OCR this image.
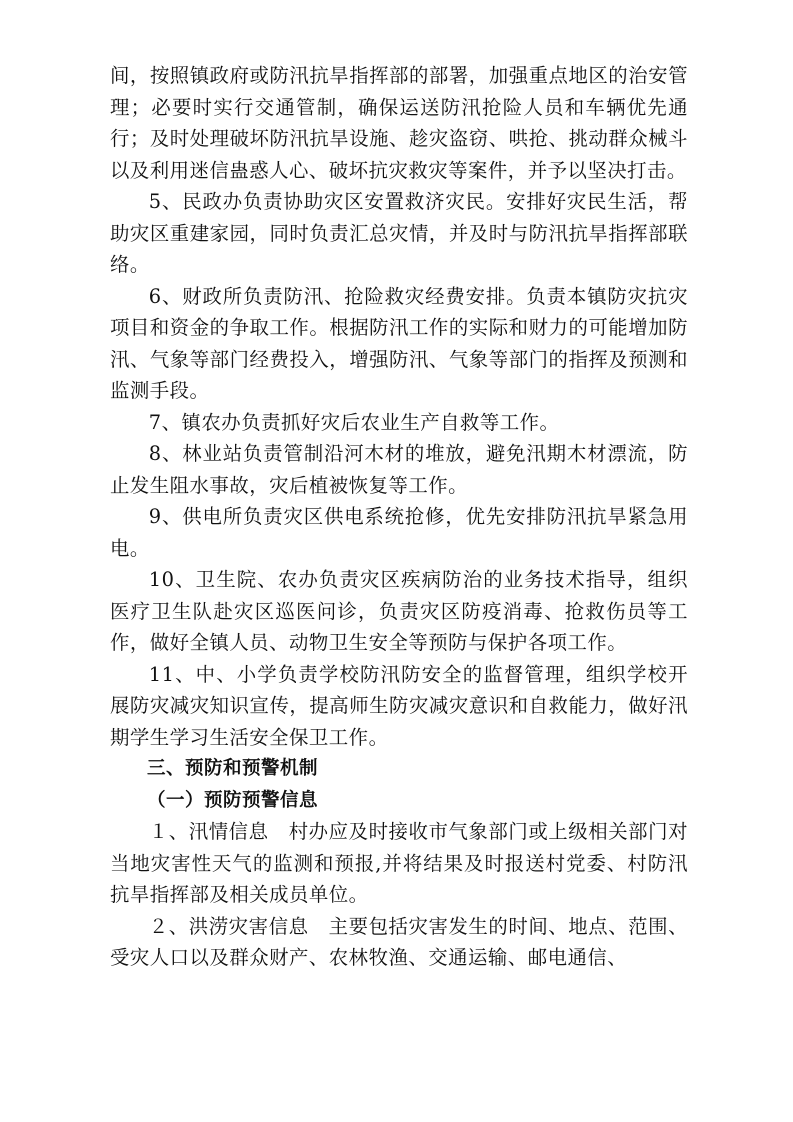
间，按照镇政府或防汛抗旱指挥部的部署，加强重点地区的治安管理；必要时实行交通管制，确保运送防汛抢险人员和车辆优先通行；及时处理破坏防汛抗旱设施、趁灾盗窃、哄抢、挑动群众械斗以及利用迷信蛊惑人心、破坏抗灾救灾等案件，并予以坚决打击。

5、民政办负责协助灾区安置救济灾民。安排好灾民生活，帮助灾区重建家园，同时负责汇总灾情，并及时与防汛抗旱指挥部联络。

6、财政所负责防汛、抢险救灾经费安排。负责本镇防灾抗灾项目和资金的争取工作。根据防汛工作的实际和财力的可能增加防汛、气象等部门经费投入，增强防汛、气象等部门的指挥及预测和监测手段。

7、镇农办负责抓好灾后农业生产自救等工作。

8、林业站负责管制沿河木材的堆放，避免汛期木材漂流，防止发生阻水事故，灾后植被恢复等工作。

9、供电所负责灾区供电系统抢修，优先安排防汛抗旱紧急用电。

10、卫生院、农办负责灾区疾病防治的业务技术指导，组织医疗卫生队赴灾区巡医问诊，负责灾区防疫消毒、抢救伤员等工作，做好全镇人员、动物卫生安全等预防与保护各项工作。

11、中、小学负责学校防汛防安全的监督管理，组织学校开展防灾减灾知识宣传，提高师生防灾减灾意识和自救能力，做好汛期学生学习生活安全保卫工作。

三、预防和预警机制

（一）预防预警信息

１、汛情信息 村办应及时接收市气象部门或上级相关部门对当地灾害性天气的监测和预报,并将结果及时报送村党委、村防汛抗旱指挥部及相关成员单位。

２、洪涝灾害信息 主要包括灾害发生的时间、地点、范围、受灾人口以及群众财产、农林牧渔、交通运输、邮电通信、
